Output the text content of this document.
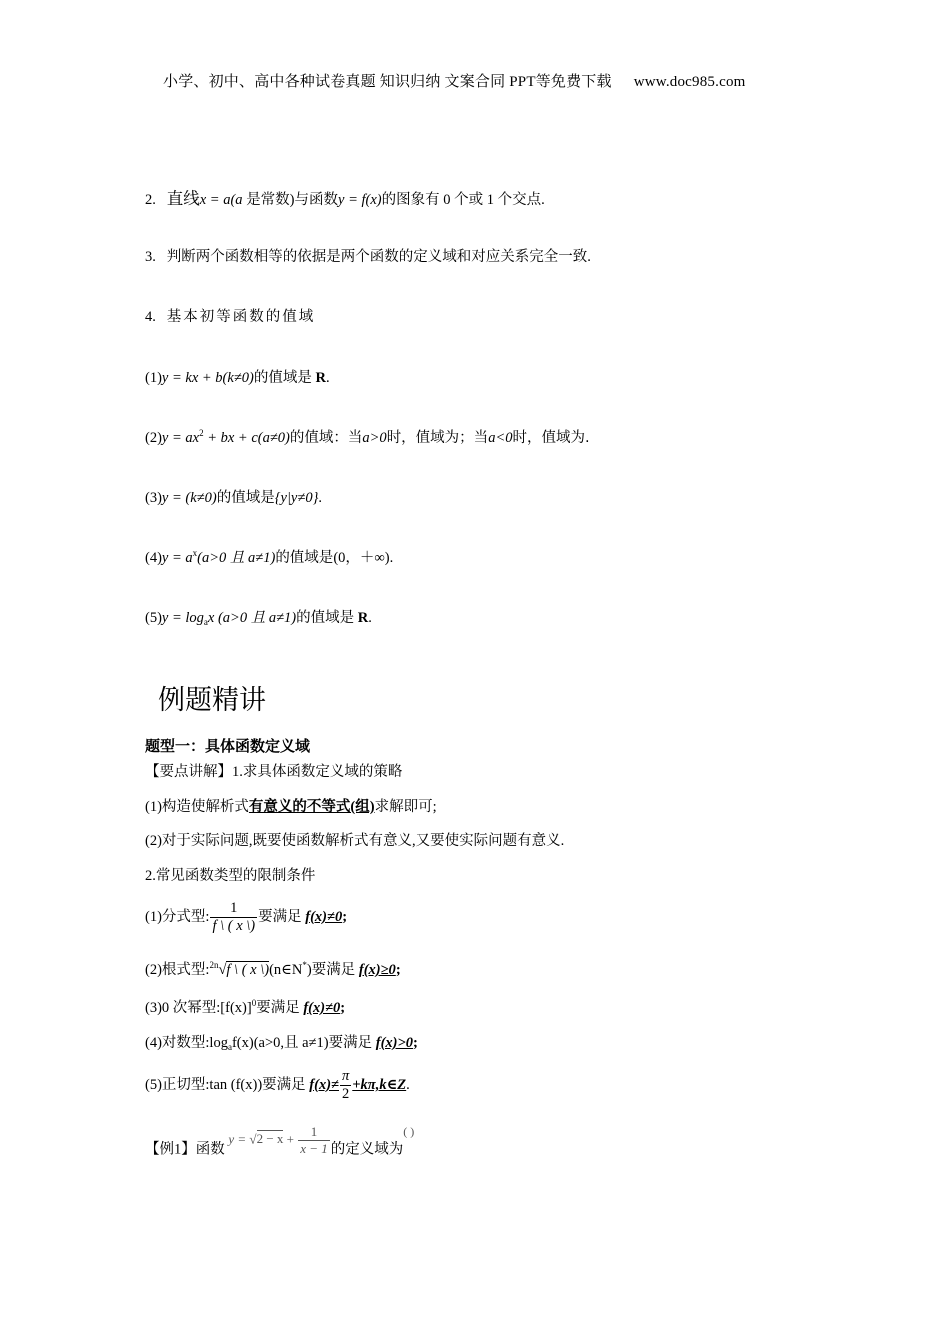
小学、初中、高中各种试卷真题 知识归纳 文案合同 PPT等免费下载 www.doc985.com
2. 直线x = a(a 是常数)与函数y = f(x)的图象有 0 个或 1 个交点.
3. 判断两个函数相等的依据是两个函数的定义域和对应关系完全一致.
4. 基本初等函数的值域
(1)y = kx + b(k≠0)的值域是 R.
$(2)y = ax^2$ + bx + c(a≠0)的值域：当a>0时，值域为；当a<0时，值域为.
(3)y = (k≠0)的值域是{y|y≠0}.
$(4)y = a^x(a>0$ 且 a≠1)的值域是(0，＋∞).
$(5)y = \log_ax$ (a>0 且 a≠1)的值域是 R.
例题精讲
题型一：具体函数定义域
【要点讲解】1.求具体函数定义域的策略
(1)构造使解析式有意义的不等式(组)求解即可;
(2)对于实际问题,既要使函数解析式有意义,又要使实际问题有意义.
2.常见函数类型的限制条件
(1)分式型: $\frac{1}{f \backslash ( x \backslash)}$ 要满足 f(x)≠0;
(2)根式型:$^{2n}$√f \ ( x \)(n∈N*)要满足 f(x)≥0;
(3)0 次幂型$:[f(x)]^0$要满足 f(x)≠0;
(4)对数型$:\log_af(x)(a>0$,且 a≠1)要满足 f(x)>0;
(5)正切型:tan (f(x))要满足 $f(x)\ne \frac{\pi}{2}$ +kπ,k∈Z.
【例1】函数 $y = √2 - x + \frac{1}{x - 1}$ 的定义域为( )
